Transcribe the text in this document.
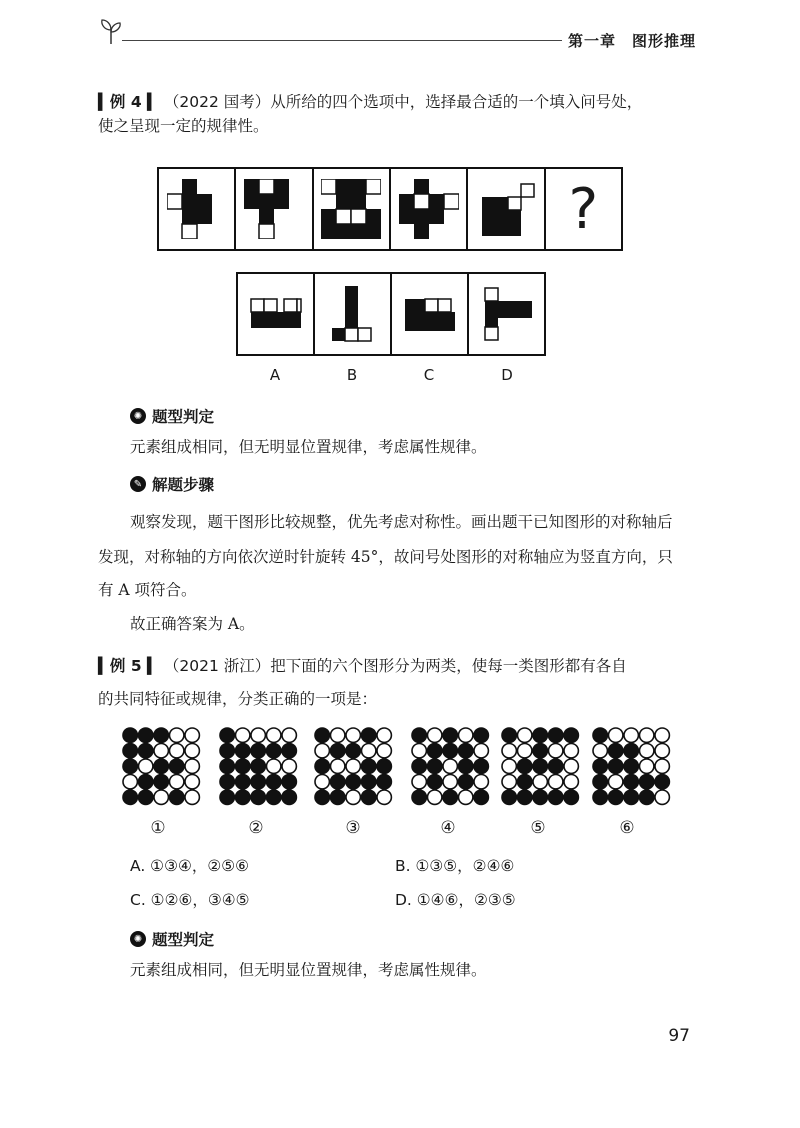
第一章　图形推理
▍例 4 ▍ （2022 国考）从所给的四个选项中，选择最合适的一个填入问号处，
使之呈现一定的规律性。
?
A	B	C	D
✺ 题型判定
元素组成相同，但无明显位置规律，考虑属性规律。
✎ 解题步骤
观察发现，题干图形比较规整，优先考虑对称性。画出题干已知图形的对称轴后
发现，对称轴的方向依次逆时针旋转 45°，故问号处图形的对称轴应为竖直方向，只
有 A 项符合。
故正确答案为 A。
▍例 5 ▍ （2021 浙江）把下面的六个图形分为两类，使每一类图形都有各自
的共同特征或规律，分类正确的一项是：
①	②	③	④	⑤	⑥
A. ①③④，②⑤⑥	B. ①③⑤，②④⑥
C. ①②⑥，③④⑤	D. ①④⑥，②③⑤
✺ 题型判定
元素组成相同，但无明显位置规律，考虑属性规律。
97
